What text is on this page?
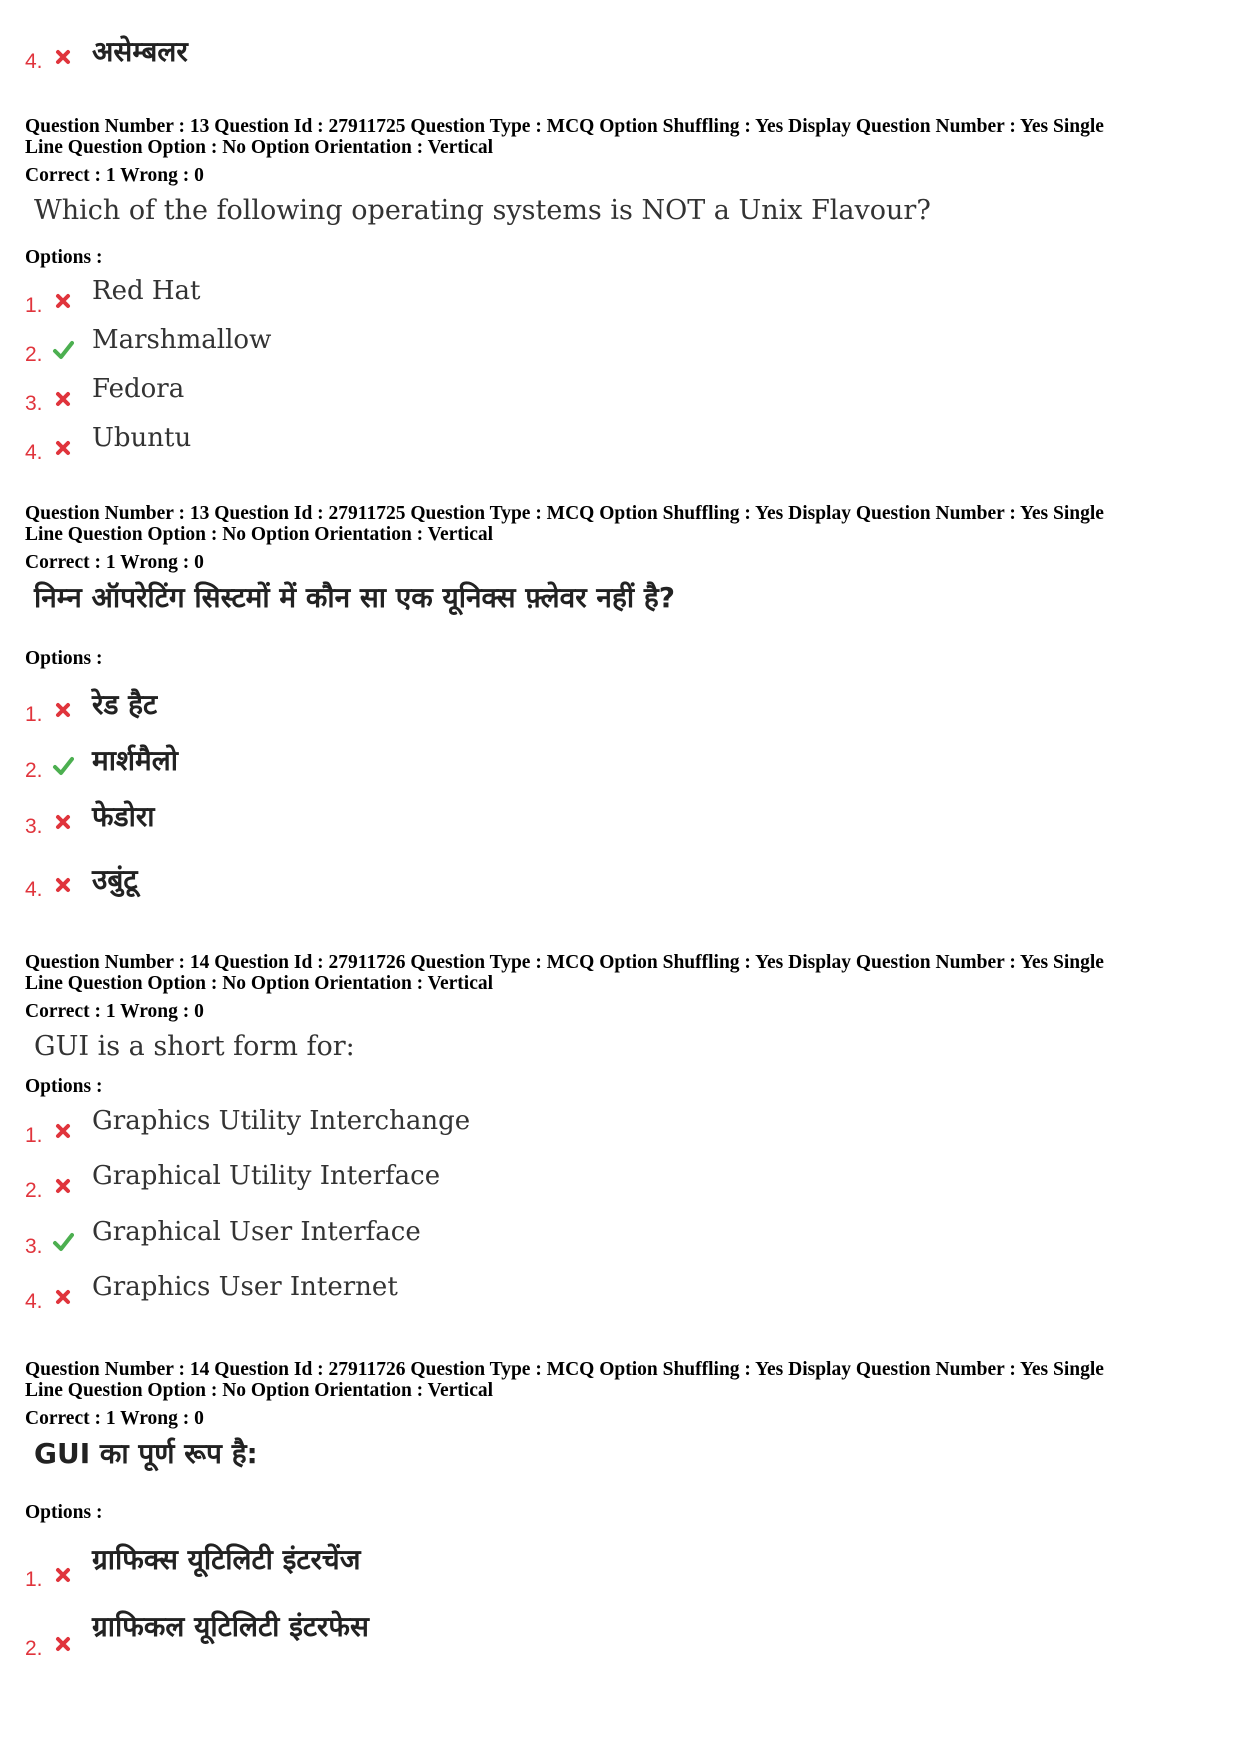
4. असेम्बलर

Question Number : 13 Question Id : 27911725 Question Type : MCQ Option Shuffling : Yes Display Question Number : Yes Single

Line Question Option : No Option Orientation : Vertical

Correct : 1 Wrong : 0
Which of the following operating systems is NOT a Unix Flavour?
Options :
1. Red Hat
2. Marshmallow
3. Fedora
4. Ubuntu

Question Number : 13 Question Id : 27911725 Question Type : MCQ Option Shuffling : Yes Display Question Number : Yes Single

Line Question Option : No Option Orientation : Vertical

Correct : 1 Wrong : 0
निम्न ऑपरेटिंग सिस्टमों में कौन सा एक यूनिक्स फ़्लेवर नहीं है?
Options :
1. रेड हैट
2. मार्शमैलो
3. फेडोरा
4. उबुंटू

Question Number : 14 Question Id : 27911726 Question Type : MCQ Option Shuffling : Yes Display Question Number : Yes Single

Line Question Option : No Option Orientation : Vertical

Correct : 1 Wrong : 0
GUI is a short form for:
Options :
1. Graphics Utility Interchange
2. Graphical Utility Interface
3. Graphical User Interface
4. Graphics User Internet

Question Number : 14 Question Id : 27911726 Question Type : MCQ Option Shuffling : Yes Display Question Number : Yes Single

Line Question Option : No Option Orientation : Vertical

Correct : 1 Wrong : 0
GUI का पूर्ण रूप है:
Options :
1.
ग्राफिक्स यूटिलिटी इंटरचेंज
2.
ग्राफिकल यूटिलिटी इंटरफेस
